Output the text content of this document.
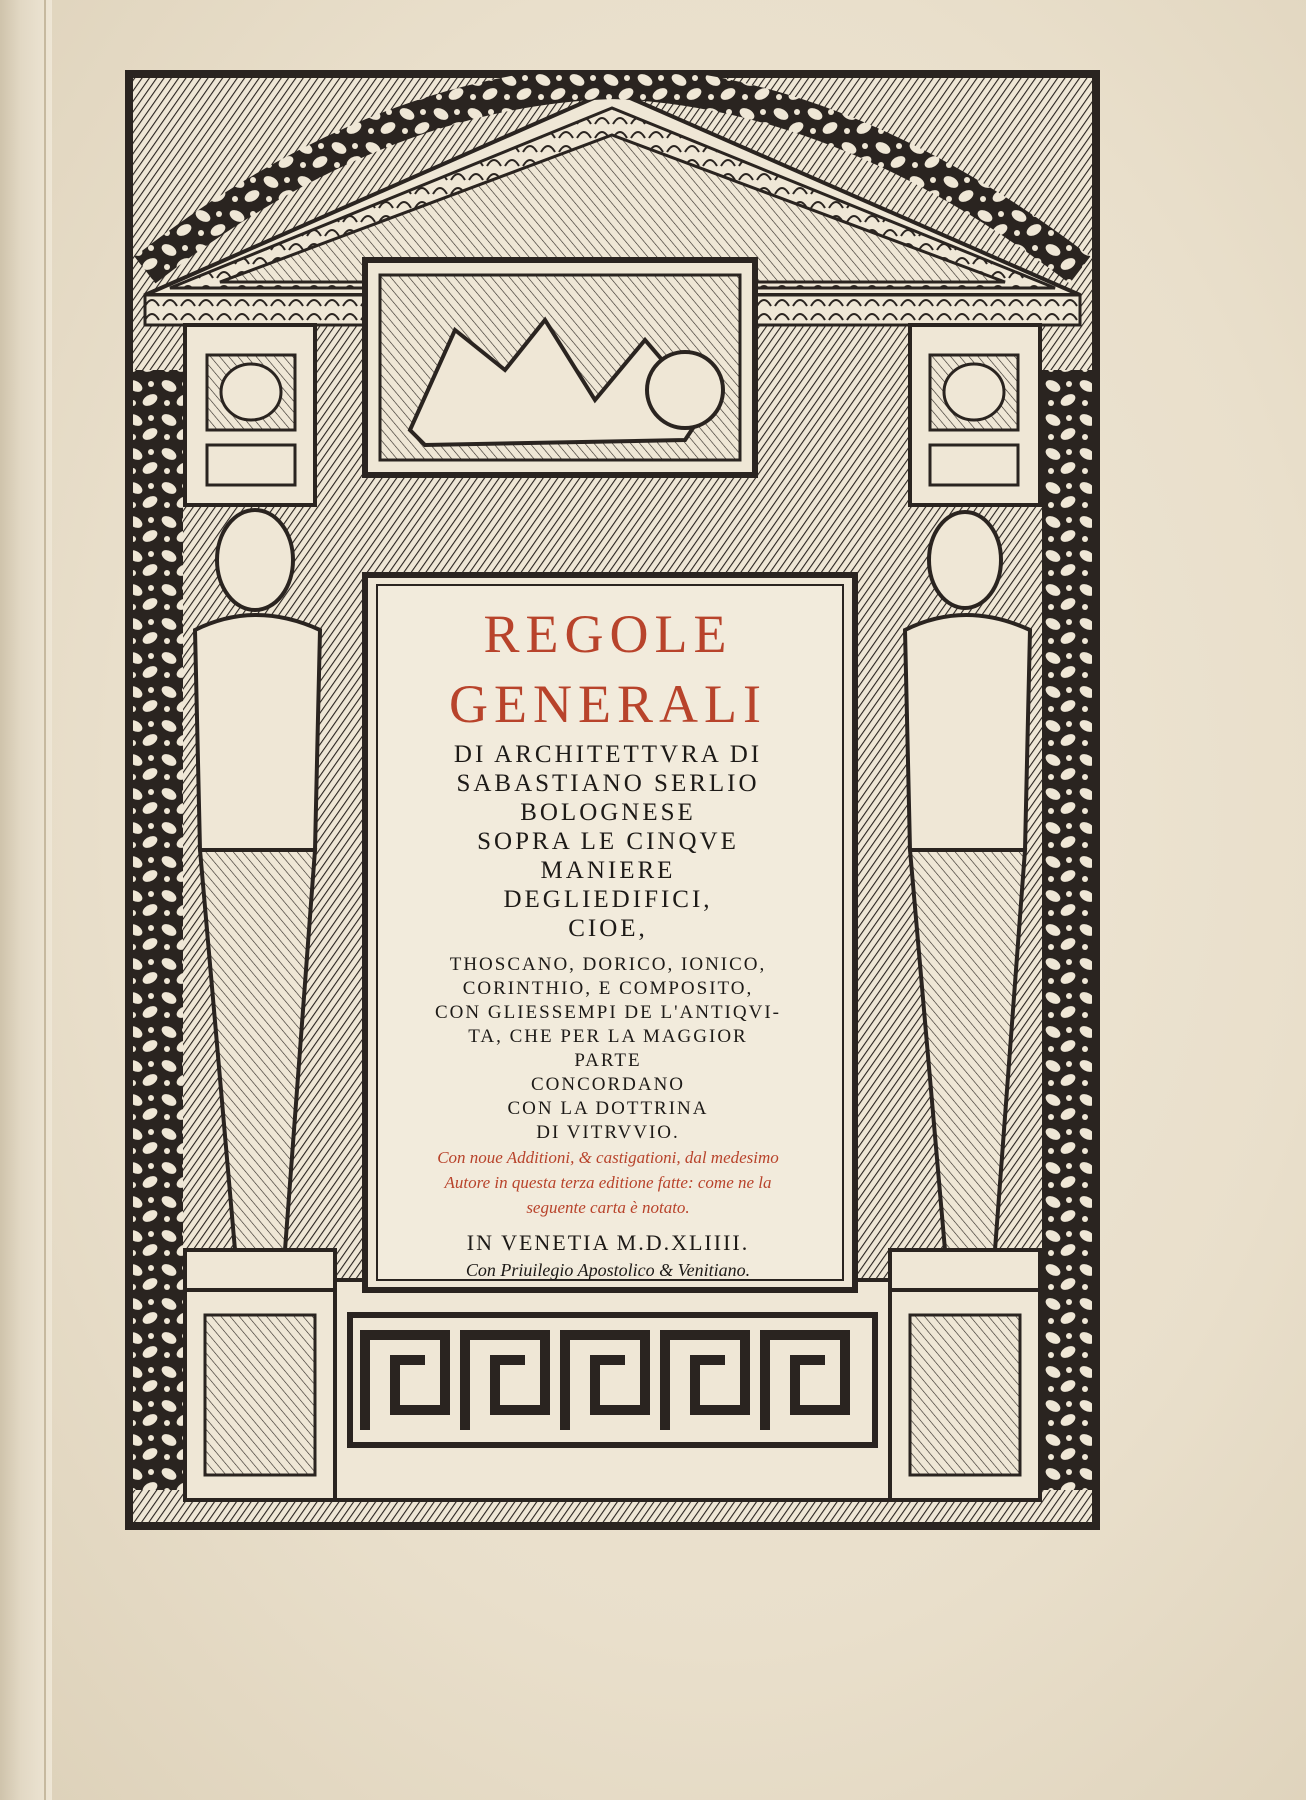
REGOLE
GENERALI
DI ARCHITETTVRA DI
SABASTIANO SERLIO
BOLOGNESE
SOPRA LE CINQVE
MANIERE
DEGLIEDIFICI,
CIOE,
THOSCANO, DORICO, IONICO,
CORINTHIO, E COMPOSITO,
CON GLIESSEMPI DE L'ANTIQVI-
TA, CHE PER LA MAGGIOR
PARTE
CONCORDANO
CON LA DOTTRINA
DI VITRVVIO.
Con noue Additioni, & castigationi, dal medesimo
Autore in questa terza editione fatte: come ne la
seguente carta è notato.
IN VENETIA M.D.XLIIII.
Con Priuilegio Apostolico & Venitiano.
